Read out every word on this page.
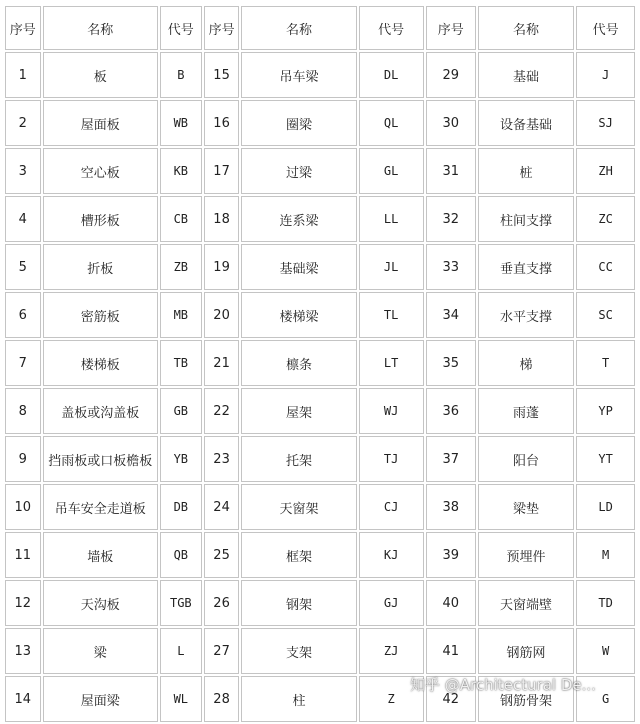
序号	名称	代号	序号	名称	代号	序号	名称	代号
1	板	B	15	吊车梁	DL	29	基础	J
2	屋面板	WB	16	圈梁	QL	30	设备基础	SJ
3	空心板	KB	17	过梁	GL	31	桩	ZH
4	槽形板	CB	18	连系梁	LL	32	柱间支撑	ZC
5	折板	ZB	19	基础梁	JL	33	垂直支撑	CC
6	密筋板	MB	20	楼梯梁	TL	34	水平支撑	SC
7	楼梯板	TB	21	檩条	LT	35	梯	T
8	盖板或沟盖板	GB	22	屋架	WJ	36	雨蓬	YP
9	挡雨板或口板檐板	YB	23	托架	TJ	37	阳台	YT
10	吊车安全走道板	DB	24	天窗架	CJ	38	梁垫	LD
11	墙板	QB	25	框架	KJ	39	预埋件	M
12	天沟板	TGB	26	钢架	GJ	40	天窗端壁	TD
13	梁	L	27	支架	ZJ	41	钢筋网	W
14	屋面梁	WL	28	柱	Z	42	钢筋骨架	G
知乎 @Architectural De...
